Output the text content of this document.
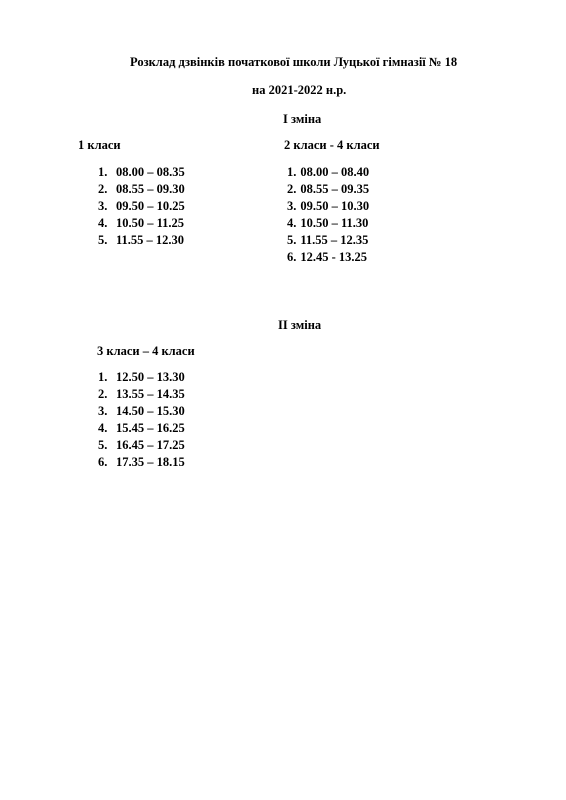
Розклад дзвінків початкової школи Луцької гімназії № 18
на 2021-2022 н.р.
І зміна
1 класи	2 класи - 4 класи
1. 08.00 – 08.35
2. 08.55 – 09.30
3. 09.50 – 10.25
4. 10.50 – 11.25
5. 11.55 – 12.30
1. 08.00 – 08.40
2. 08.55 – 09.35
3. 09.50 – 10.30
4. 10.50 – 11.30
5. 11.55 – 12.35
6. 12.45 - 13.25
ІІ зміна
3 класи – 4 класи
1. 12.50 – 13.30
2. 13.55 – 14.35
3. 14.50 – 15.30
4. 15.45 – 16.25
5. 16.45 – 17.25
6. 17.35 – 18.15
